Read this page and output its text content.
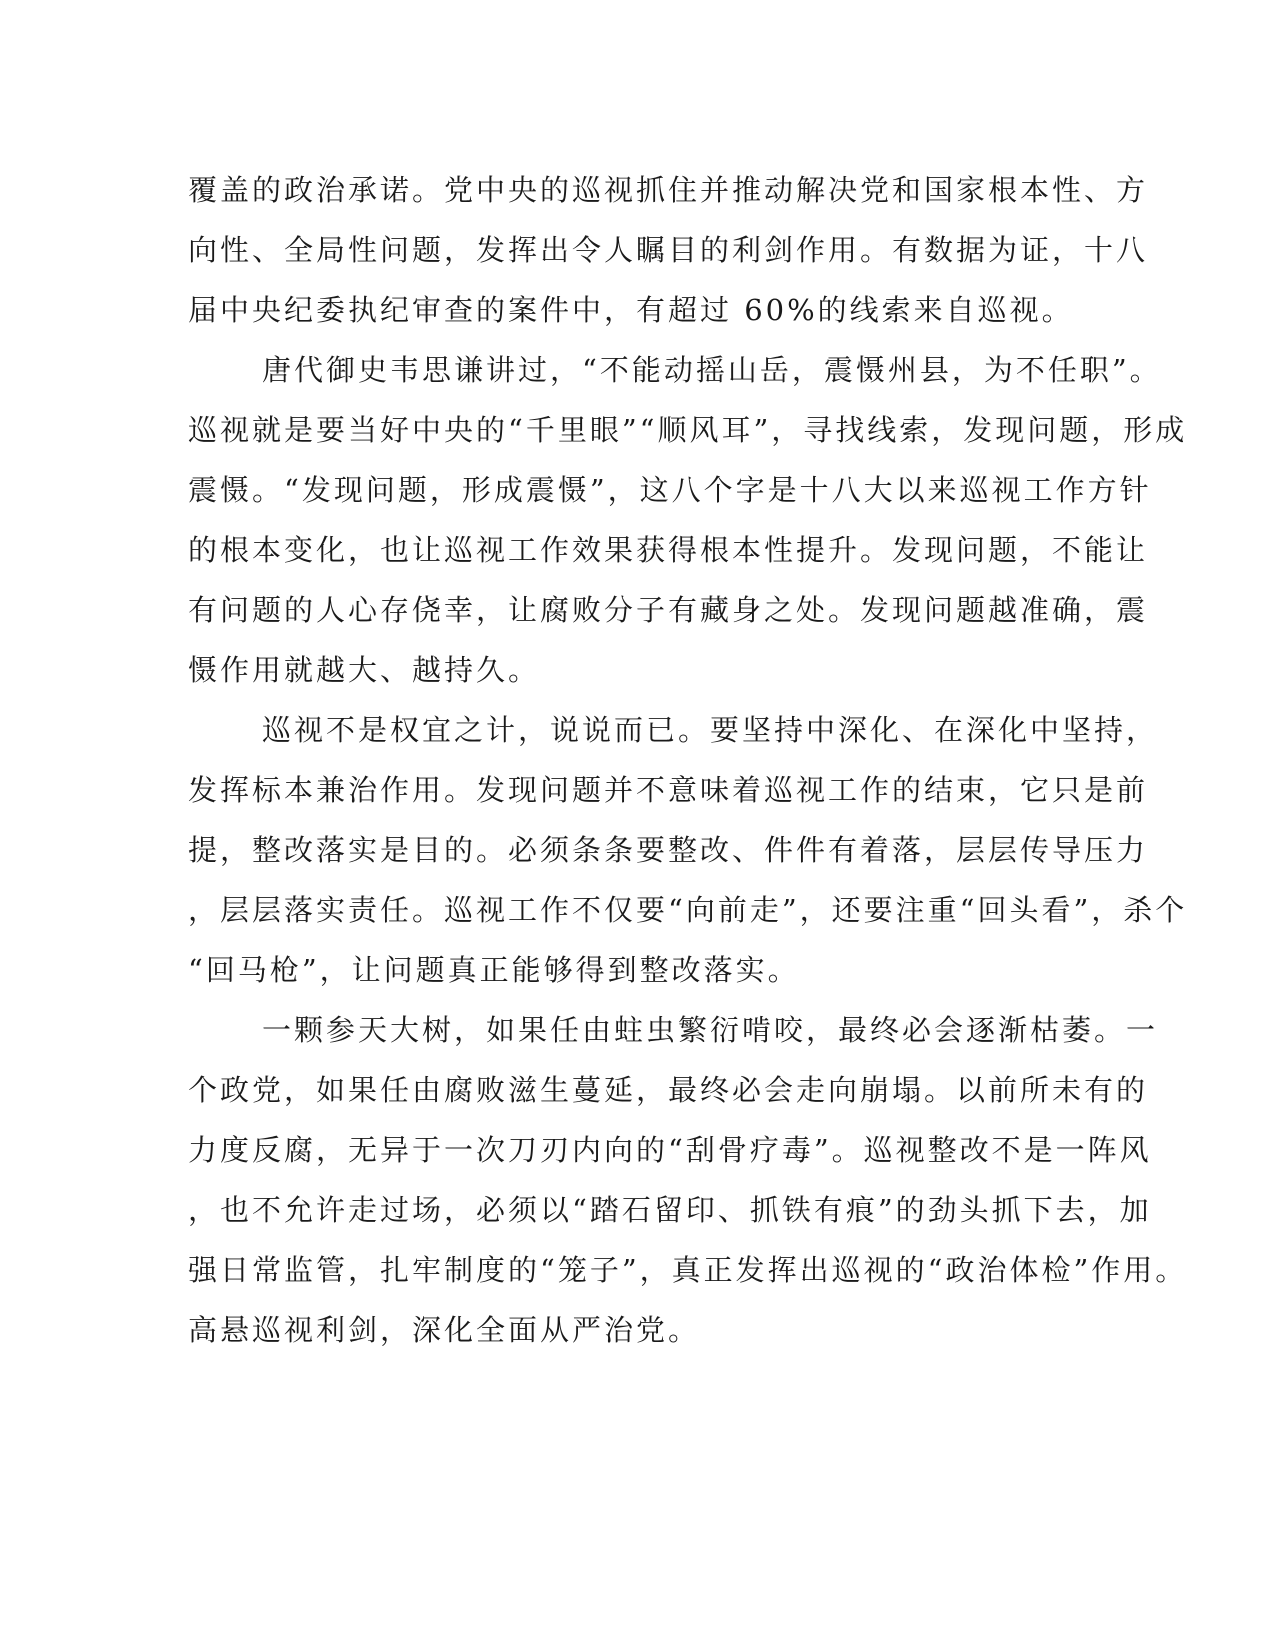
覆盖的政治承诺。党中央的巡视抓住并推动解决党和国家根本性、方
向性、全局性问题，发挥出令人瞩目的利剑作用。有数据为证，十八
届中央纪委执纪审查的案件中，有超过 60%的线索来自巡视。
唐代御史韦思谦讲过，“不能动摇山岳，震慑州县，为不任职”。
巡视就是要当好中央的“千里眼”“顺风耳”，寻找线索，发现问题，形成
震慑。“发现问题，形成震慑”，这八个字是十八大以来巡视工作方针
的根本变化，也让巡视工作效果获得根本性提升。发现问题，不能让
有问题的人心存侥幸，让腐败分子有藏身之处。发现问题越准确，震
慑作用就越大、越持久。
巡视不是权宜之计，说说而已。要坚持中深化、在深化中坚持，
发挥标本兼治作用。发现问题并不意味着巡视工作的结束，它只是前
提，整改落实是目的。必须条条要整改、件件有着落，层层传导压力
，层层落实责任。巡视工作不仅要“向前走”，还要注重“回头看”，杀个
“回马枪”，让问题真正能够得到整改落实。
一颗参天大树，如果任由蛀虫繁衍啃咬，最终必会逐渐枯萎。一
个政党，如果任由腐败滋生蔓延，最终必会走向崩塌。以前所未有的
力度反腐，无异于一次刀刃内向的“刮骨疗毒”。巡视整改不是一阵风
，也不允许走过场，必须以“踏石留印、抓铁有痕”的劲头抓下去，加
强日常监管，扎牢制度的“笼子”，真正发挥出巡视的“政治体检”作用。
高悬巡视利剑，深化全面从严治党。
